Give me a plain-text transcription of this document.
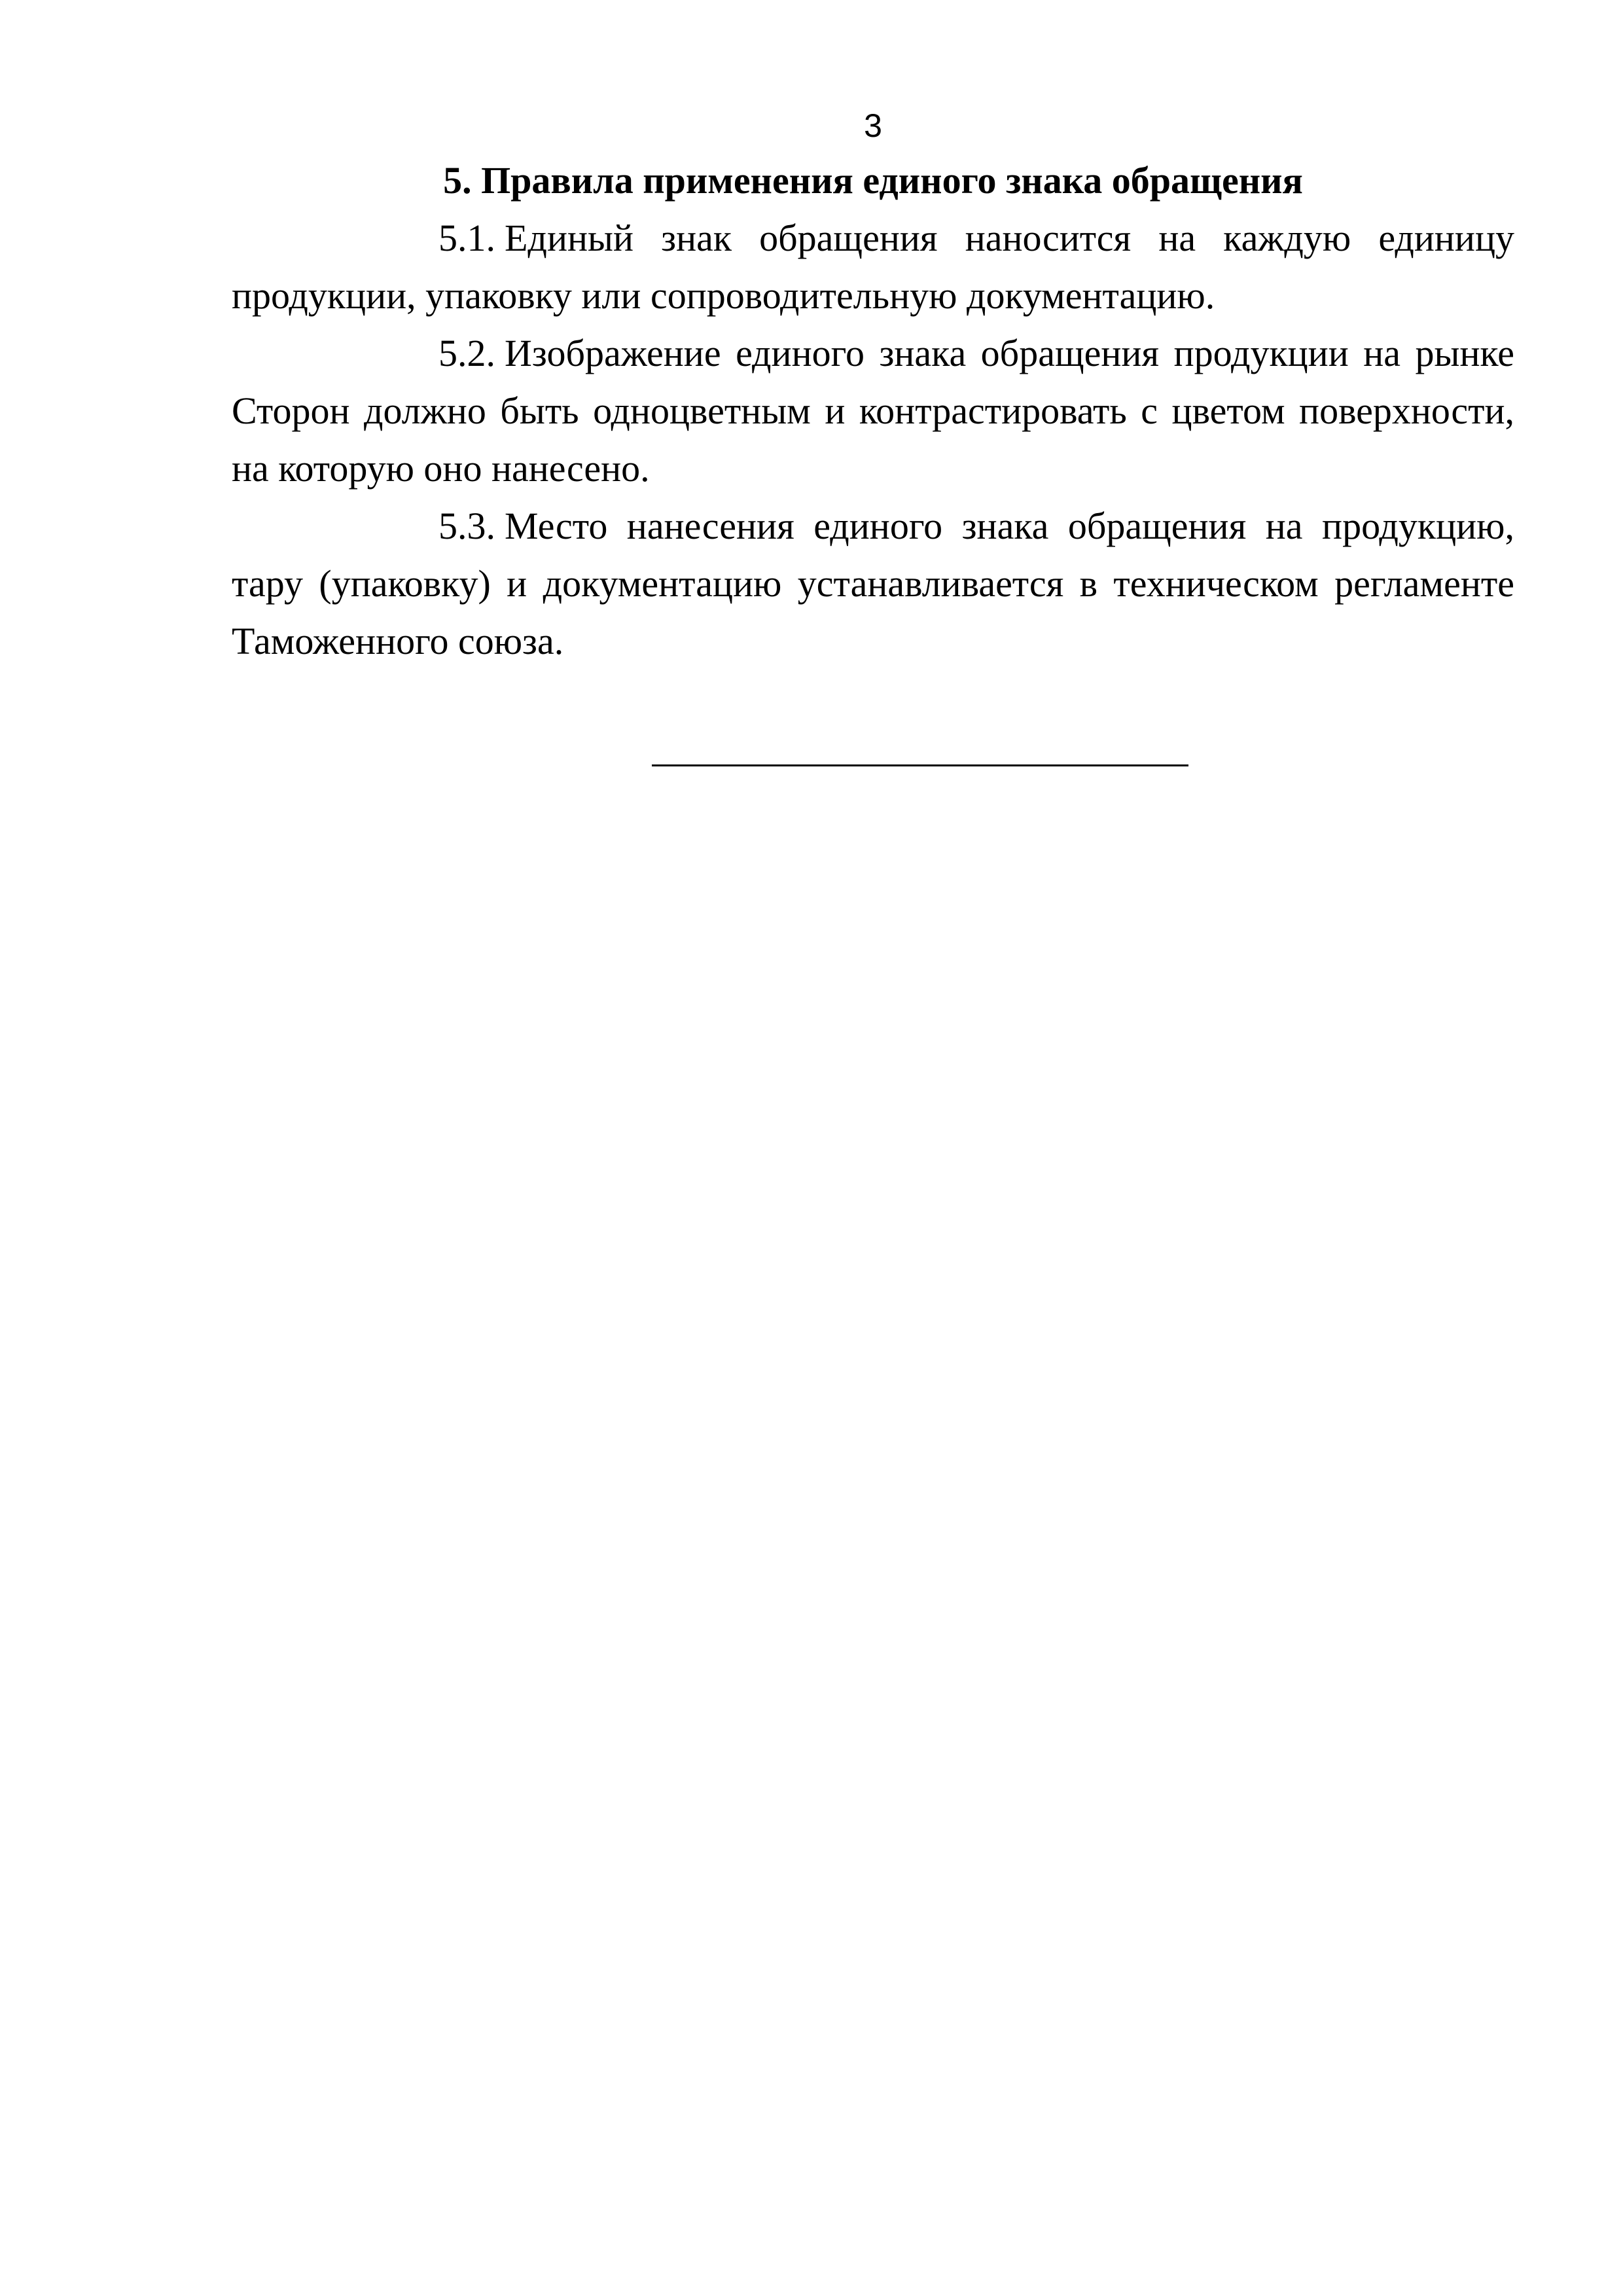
3
5. Правила применения единого знака обращения

5.1. Единый знак обращения наносится на каждую единицу продукции, упаковку или сопроводительную документацию.

5.2. Изображение единого знака обращения продукции на рынке Сторон должно быть одноцветным и контрастировать с цветом поверхности, на которую оно нанесено.

5.3. Место нанесения единого знака обращения на продукцию, тару (упаковку) и документацию устанавливается в техническом регламенте Таможенного союза.
